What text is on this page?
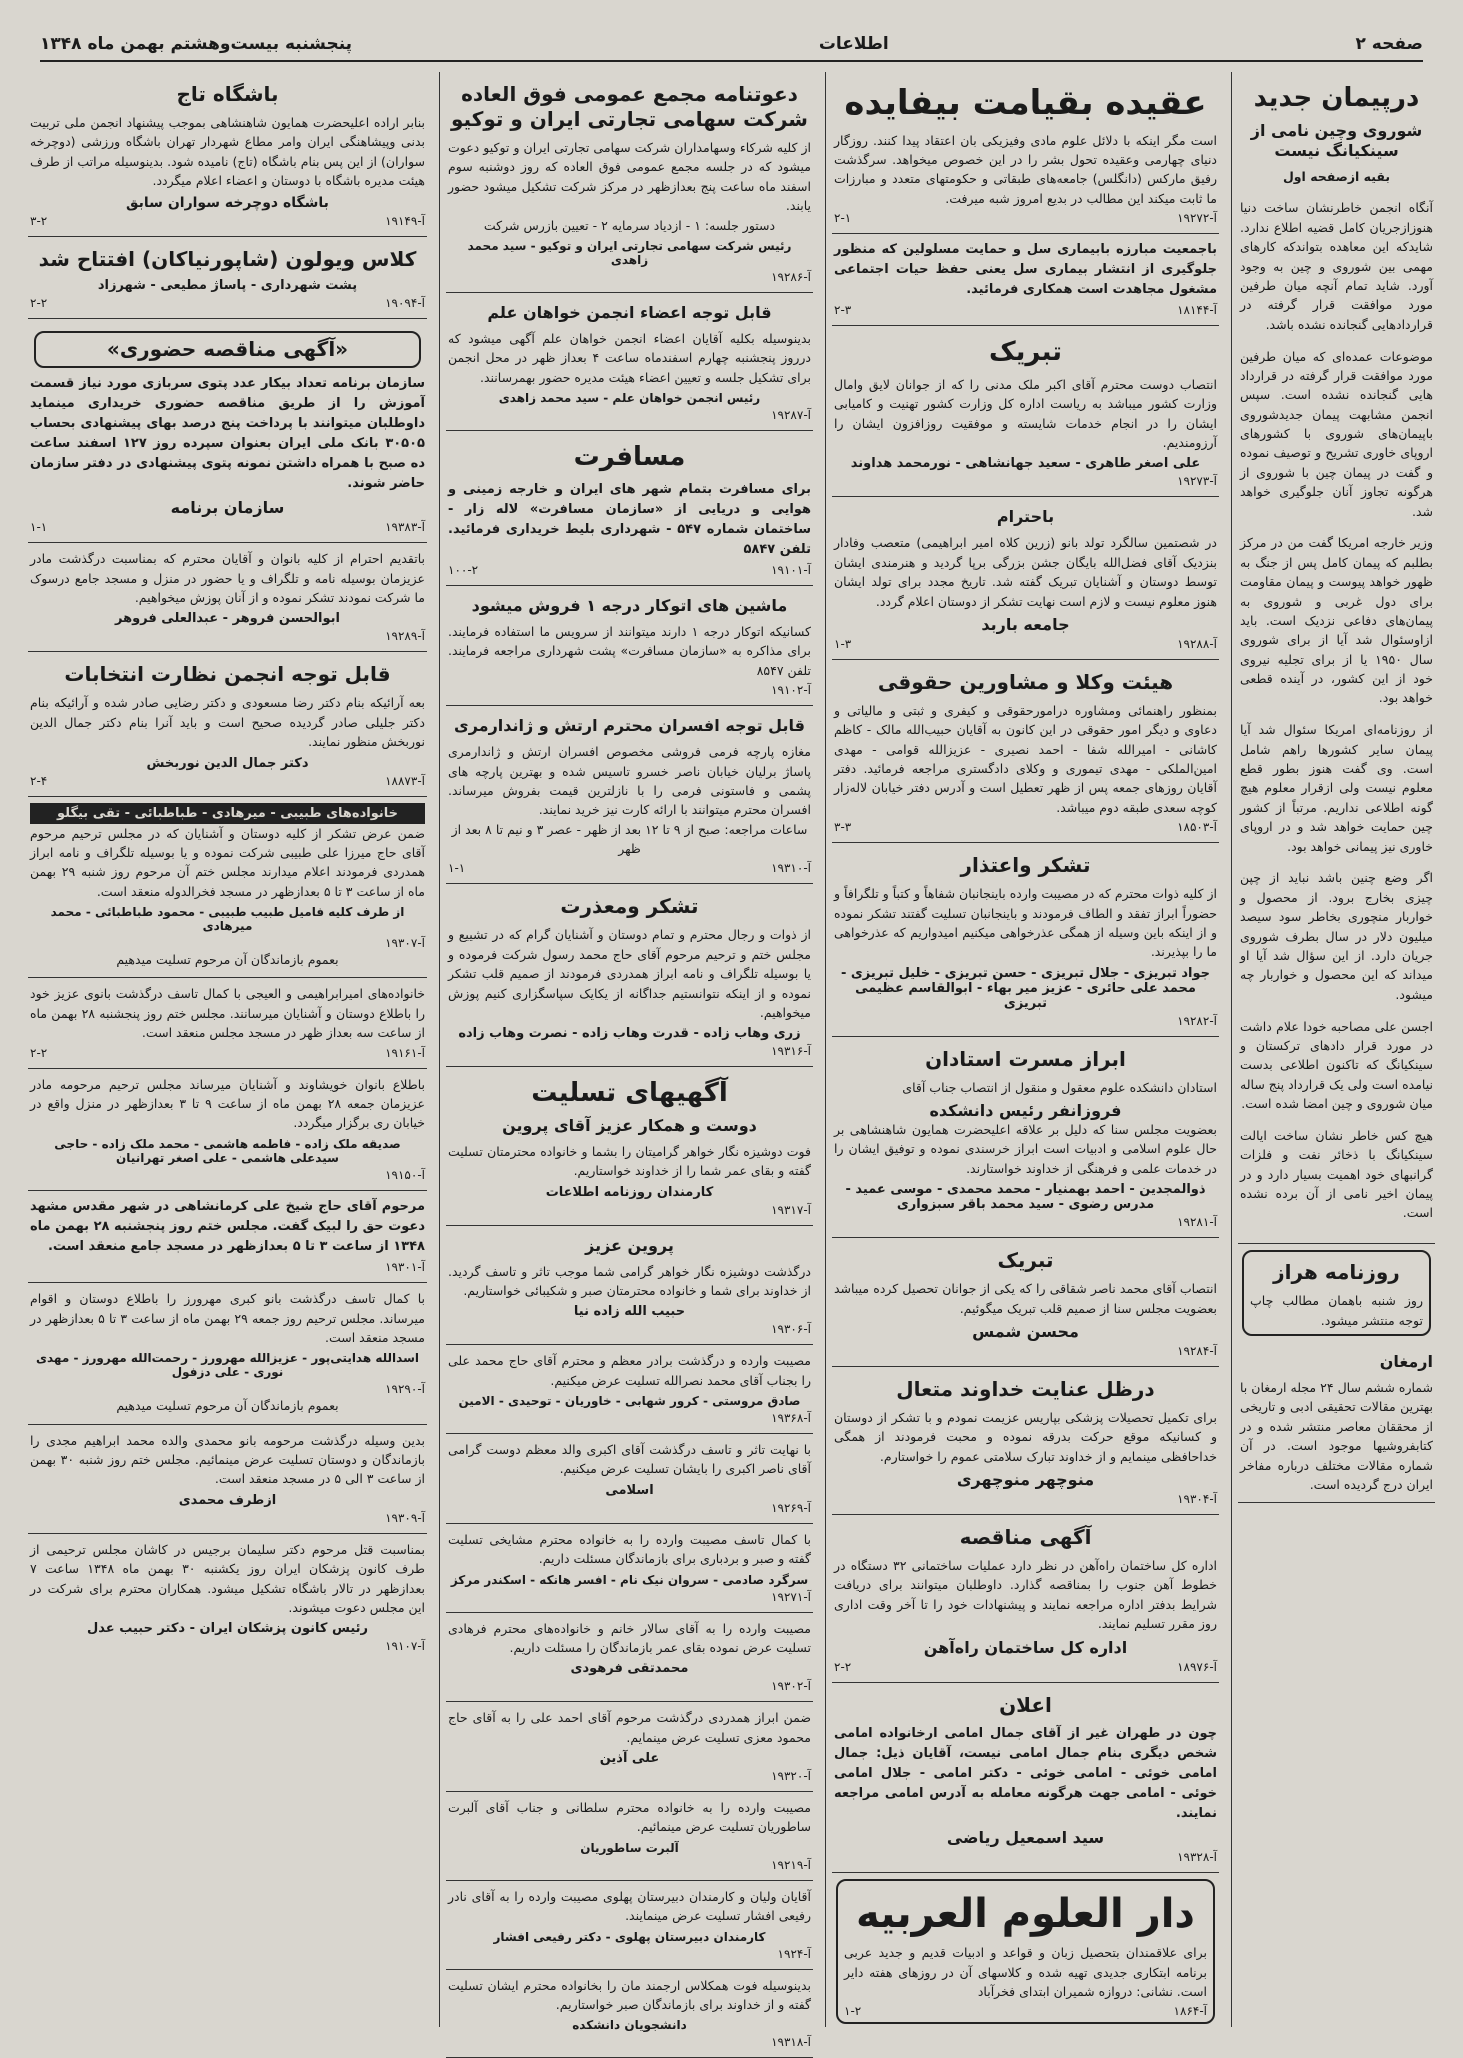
صفحه ۲
اطلاعات
پنجشنبه بیست‌وهشتم بهمن ماه ۱۳۴۸
درپیمان جدید
شوروی وچین نامی از سینکیانگ نیست
بقیه ازصفحه اول

آنگاه انجمن خاطرنشان ساخت دنیا هنوزازجریان کامل قضیه اطلاع ندارد. شایدکه این معاهده بتواندکه کارهای مهمی بین شوروی و چین به وجود آورد. شاید تمام آنچه میان طرفین مورد موافقت قرار گرفته در قراردادهایی گنجانده نشده باشد.

موضوعات عمده‌ای که میان طرفین مورد موافقت قرار گرفته در قرارداد هایی گنجانده نشده است. سپس انجمن مشابهت پیمان جدیدشوروی باپیمان‌های شوروی با کشورهای اروپای خاوری تشریح و توصیف نموده و گفت در پیمان چین با شوروی از هرگونه تجاوز آنان جلوگیری خواهد شد.

وزیر خارجه امریکا گفت من در مرکز بطلبم که پیمان کامل پس از جنگ به ظهور خواهد پیوست و پیمان مقاومت برای دول غربی و شوروی به پیمان‌های دفاعی نزدیک است. باید ازاوسئوال شد آیا از برای شوروی سال ۱۹۵۰ یا از برای تجلیه نیروی خود از این کشور، در آینده قطعی خواهد بود.

از روزنامه‌ای امریکا سئوال شد آیا پیمان سایر کشورها راهم شامل است. وی گفت هنوز بطور قطع معلوم نیست ولی ازقرار معلوم هیچ گونه اطلاعی نداریم. مرتباً از کشور چین حمایت خواهد شد و در اروپای خاوری نیز پیمانی خواهد بود.

اگر وضع چنین باشد نباید از چپن چیزی بخارج برود. از محصول و خواربار منچوری بخاطر سود سیصد میلیون دلار در سال بطرف شوروی جریان دارد. از این سؤال شد آیا او میداند که این محصول و خواربار چه میشود.

اجسن علی مصاحبه خودا علام داشت در مورد قرار دادهای ترکستان و سینکیانگ که تاکنون اطلاعی بدست نیامده است ولی یک قرارداد پنج ساله میان شوروی و چین امضا شده است.

هیچ کس خاطر نشان ساخت ایالت سینکیانگ با ذخائر نفت و فلزات گرانبهای خود اهمیت بسیار دارد و در پیمان اخیر نامی از آن برده نشده است.

روزنامه هراز
روز شنبه باهمان مطالب چاپ توجه منتشر میشود.
ارمغان
شماره ششم سال ۲۴ مجله ارمغان با بهترین مقالات تحقیقی ادبی و تاریخی از محققان معاصر منتشر شده و در کتابفروشیها موجود است. در آن شماره مقالات مختلف درباره مفاخر ایران درج گردیده است.
عقیده بقیامت بیفایده
است مگر اینکه با دلائل علوم مادی وفیزیکی بان اعتقاد پیدا کنند. روزگار دنیای چهارمی وعقیده تحول بشر را در این خصوص میخواهد. سرگذشت رفیق مارکس (دانگلس) جامعه‌های طبقاتی و حکومتهای متعدد و مبارزات ما ثابت میکند این مطالب در بدیع امروز شبه میرفت.
آ-۱۹۲۷۲
۲-۱
باجمعیت مبارزه بابیماری سل و حمایت مسلولین که منظور جلوگیری از انتشار بیماری سل یعنی حفظ حیات اجتماعی مشغول مجاهدت است همکاری فرمائید.
آ-۱۸۱۴۴
۲-۳
تبریک
انتصاب دوست محترم آقای اکبر ملک مدنی را که از جوانان لایق وامال وزارت کشور میباشد به ریاست اداره کل وزارت کشور تهنیت و کامیابی ایشان را در انجام خدمات شایسته و موفقیت روزافزون ایشان را آرزومندیم.
علی اصغر طاهری - سعید جهانشاهی - نورمحمد هداوند
آ-۱۹۲۷۳
باحترام
در شصتمین سالگرد تولد بانو (زرین کلاه امیر ابراهیمی) متعصب وفادار بنزدیک آقای فضل‌الله بایگان جشن بزرگی برپا گردید و هنرمندی ایشان توسط دوستان و آشنایان تبریک گفته شد. تاریخ مجدد برای تولد ایشان هنوز معلوم نیست و لازم است نهایت تشکر از دوستان اعلام گردد.
جامعه باربد
آ-۱۹۲۸۸
۱-۳
هیئت وکلا و مشاورین حقوقی
بمنظور راهنمائی ومشاوره درامورحقوقی و کیفری و ثبتی و مالیاتی و دعاوی و دیگر امور حقوقی در این کانون به آقایان حبیب‌الله مالک - کاظم کاشانی - امیرالله شفا - احمد نصیری - عزیزالله قوامی - مهدی امین‌الملکی - مهدی تیموری و وکلای دادگستری مراجعه فرمائید. دفتر آقایان روزهای جمعه پس از ظهر تعطیل است و آدرس دفتر خیابان لاله‌زار کوچه سعدی طبقه دوم میباشد.
آ-۱۸۵۰۳
۳-۳
تشکر واعتذار
از کلیه ذوات محترم که در مصیبت وارده باینجانبان شفاهاً و کتباً و تلگرافاً و حضوراً ابراز تفقد و الطاف فرمودند و باینجانبان تسلیت گفتند تشکر نموده و از اینکه باین وسیله از همگی عذرخواهی میکنیم امیدواریم که عذرخواهی ما را بپذیرند.
جواد تبریزی - جلال تبریزی - حسن تبریزی - خلیل تبریزی - محمد علی حائری - عزیز میر بهاء - ابوالقاسم عظیمی تبریزی
آ-۱۹۲۸۲
ابراز مسرت استادان
استادان دانشکده علوم معقول و منقول از انتصاب جناب آقای
فروزانفر رئیس دانشکده
بعضویت مجلس سنا که دلیل بر علاقه اعلیحضرت همایون شاهنشاهی بر حال علوم اسلامی و ادبیات است ابراز خرسندی نموده و توفیق ایشان را در خدمات علمی و فرهنگی از خداوند خواستارند.
ذوالمجدین - احمد بهمنیار - محمد محمدی - موسی عمید - مدرس رضوی - سید محمد باقر سبزواری
آ-۱۹۲۸۱
تبریک
انتصاب آقای محمد ناصر شقاقی را که یکی از جوانان تحصیل کرده میباشد بعضویت مجلس سنا از صمیم قلب تبریک میگوئیم.
محسن شمس
آ-۱۹۲۸۴
درظل عنایت خداوند متعال
برای تکمیل تحصیلات پزشکی بپاریس عزیمت نمودم و با تشکر از دوستان و کسانیکه موقع حرکت بدرقه نموده و محبت فرمودند از همگی خداحافظی مینمایم و از خداوند تبارک سلامتی عموم را خواستارم.
منوچهر منوچهری
آ-۱۹۳۰۴
آگهی مناقصه
اداره کل ساختمان راه‌آهن در نظر دارد عملیات ساختمانی ۳۲ دستگاه در خطوط آهن جنوب را بمناقصه گذارد. داوطلبان میتوانند برای دریافت شرایط بدفتر اداره مراجعه نمایند و پیشنهادات خود را تا آخر وقت اداری روز مقرر تسلیم نمایند.
اداره کل ساختمان راه‌آهن
آ-۱۸۹۷۶
۲-۲
اعلان
چون در طهران غیر از آقای جمال امامی ارخانواده امامی شخص دیگری بنام جمال امامی نیست، آقایان ذیل: جمال امامی خوئی - امامی خوئی - دکتر امامی - جلال امامی خوئی - امامی جهت هرگونه معامله به آدرس امامی مراجعه نمایند.
سید اسمعیل ریاضی
آ-۱۹۳۲۸
دار العلوم العربیه
برای علاقمندان بتحصیل زبان و قواعد و ادبیات قدیم و جدید عربی برنامه ابتکاری جدیدی تهیه شده و کلاسهای آن در روزهای هفته دایر است. نشانی: دروازه شمیران ابتدای فخرآباد
آ-۱۸۶۴
۱-۲
دعوتنامه مجمع عمومی فوق العاده شرکت سهامی تجارتی ایران و توکیو
از کلیه شرکاء وسهامداران شرکت سهامی تجارتی ایران و توکیو دعوت میشود که در جلسه مجمع عمومی فوق العاده که روز دوشنبه سوم اسفند ماه ساعت پنج بعدازظهر در مرکز شرکت تشکیل میشود حضور یابند.
دستور جلسه: ۱ - ازدیاد سرمایه ۲ - تعیین بازرس شرکت
رئیس شرکت سهامی تجارتی ایران و توکیو - سید محمد زاهدی
آ-۱۹۲۸۶
قابل توجه اعضاء انجمن خواهان علم
بدینوسیله بکلیه آقایان اعضاء انجمن خواهان علم آگهی میشود که درروز پنجشنبه چهارم اسفندماه ساعت ۴ بعداز ظهر در محل انجمن برای تشکیل جلسه و تعیین اعضاء هیئت مدیره حضور بهمرسانند.
رئیس انجمن خواهان علم - سید محمد زاهدی
آ-۱۹۲۸۷
مسافرت
برای مسافرت بتمام شهر های ایران و خارجه زمینی و هوایی و دریایی از «سازمان مسافرت» لاله زار - ساختمان شماره ۵۴۷ - شهرداری بلیط خریداری فرمائید. تلفن ۵۸۴۷
آ-۱۹۱۰۱
۱۰۰-۲
ماشین های اتوکار درجه ۱ فروش میشود
کسانیکه اتوکار درجه ۱ دارند میتوانند از سرویس ما استفاده فرمایند. برای مذاکره به «سازمان مسافرت» پشت شهرداری مراجعه فرمایند. تلفن ۸۵۴۷
آ-۱۹۱۰۲
قابل توجه افسران محترم ارتش و ژاندارمری
مغازه پارچه فرمی فروشی مخصوص افسران ارتش و ژاندارمری پاساژ برلیان خیابان ناصر خسرو تاسیس شده و بهترین پارچه های پشمی و فاستونی فرمی را با نازلترین قیمت بفروش میرساند. افسران محترم میتوانند با ارائه کارت نیز خرید نمایند.
ساعات مراجعه: صبح از ۹ تا ۱۲ بعد از ظهر - عصر ۳ و نیم تا ۸ بعد از ظهر
آ-۱۹۳۱۰
۱-۱
تشکر ومعذرت
از ذوات و رجال محترم و تمام دوستان و آشنایان گرام که در تشییع و مجلس ختم و ترحیم مرحوم آقای حاج محمد رسول شرکت فرموده و یا بوسیله تلگراف و نامه ابراز همدردی فرمودند از صمیم قلب تشکر نموده و از اینکه نتوانستیم جداگانه از یکایک سپاسگزاری کنیم پوزش میخواهیم.
زری وهاب زاده - قدرت وهاب زاده - نصرت وهاب زاده
آ-۱۹۳۱۶
آگهیهای تسلیت
دوست و همکار عزیز آقای پروین
فوت دوشیزه نگار خواهر گرامیتان را بشما و خانواده محترمتان تسلیت گفته و بقای عمر شما را از خداوند خواستاریم.
کارمندان روزنامه اطلاعات
آ-۱۹۳۱۷
پروین عزیز
درگذشت دوشیزه نگار خواهر گرامی شما موجب تاثر و تاسف گردید. از خداوند برای شما و خانواده محترمتان صبر و شکیبائی خواستاریم.
حبیب الله زاده نیا
آ-۱۹۳۰۶
مصیبت وارده و درگذشت برادر معظم و محترم آقای حاج محمد علی را بجناب آقای محمد نصرالله تسلیت عرض میکنیم.
صادق مروستی - کرور شهابی - خاوریان - توحیدی - الامین
آ-۱۹۳۶۸
با نهایت تاثر و تاسف درگذشت آقای اکبری والد معظم دوست گرامی آقای ناصر اکبری را بایشان تسلیت عرض میکنیم.
اسلامی
آ-۱۹۲۶۹
با کمال تاسف مصیبت وارده را به خانواده محترم مشایخی تسلیت گفته و صبر و بردباری برای بازماندگان مسئلت داریم.
سرگرد صادمی - سروان نیک نام - افسر هانکه - اسکندر مرکز
آ-۱۹۲۷۱
مصیبت وارده را به آقای سالار خانم و خانواده‌های محترم فرهادی تسلیت عرض نموده بقای عمر بازماندگان را مسئلت داریم.
محمدتقی فرهودی
آ-۱۹۳۰۲
ضمن ابراز همدردی درگذشت مرحوم آقای احمد علی را به آقای حاج محمود معزی تسلیت عرض مینمایم.
علی آذین
آ-۱۹۳۲۰
مصیبت وارده را به خانواده محترم سلطانی و جناب آقای آلبرت ساطوریان تسلیت عرض مینمائیم.
آلبرت ساطوریان
آ-۱۹۲۱۹
آقایان ولیان و کارمندان دبیرستان پهلوی مصیبت وارده را به آقای نادر رفیعی افشار تسلیت عرض مینمایند.
کارمندان دبیرستان پهلوی - دکتر رفیعی افشار
آ-۱۹۲۴
بدینوسیله فوت همکلاس ارجمند مان را بخانواده محترم ایشان تسلیت گفته و از خداوند برای بازماندگان صبر خواستاریم.
دانشجویان دانشکده
آ-۱۹۳۱۸
باشگاه تاج
بنابر اراده اعلیحضرت همایون شاهنشاهی بموجب پیشنهاد انجمن ملی تربیت بدنی وپیشاهنگی ایران وامر مطاع شهردار تهران باشگاه ورزشی (دوچرخه سواران) از این پس بنام باشگاه (تاج) نامیده شود. بدینوسیله مراتب از طرف هیئت مدیره باشگاه با دوستان و اعضاء اعلام میگردد.
باشگاه دوچرخه سواران سابق
آ-۱۹۱۴۹
۳-۲
کلاس ویولون (شاپورنیاکان) افتتاح شد
پشت شهرداری - پاساژ مطیعی - شهرزاد
آ-۱۹۰۹۴
۲-۲
«آگهی مناقصه حضوری»
سازمان برنامه تعداد بیکار عدد پتوی سربازی مورد نیاز قسمت آموزش را از طریق مناقصه حضوری خریداری مینماید داوطلبان میتوانند با پرداخت پنج درصد بهای پیشنهادی بحساب ۳۰۵۰۵ بانک ملی ایران بعنوان سپرده روز ۱۲۷ اسفند ساعت ده صبح با همراه داشتن نمونه پتوی پیشنهادی در دفتر سازمان حاضر شوند.
سازمان برنامه
آ-۱۹۳۸۳
۱-۱
باتقدیم احترام از کلیه بانوان و آقایان محترم که بمناسبت درگذشت مادر عزیزمان بوسیله نامه و تلگراف و یا حضور در منزل و مسجد جامع درسوک ما شرکت نمودند تشکر نموده و از آنان پوزش میخواهیم.
ابوالحسن فروهر - عبدالعلی فروهر
آ-۱۹۲۸۹
قابل توجه انجمن نظارت انتخابات
بعه آرائیکه بنام دکتر رضا مسعودی و دکتر رضایی صادر شده و آرائیکه بنام دکتر جلیلی صادر گردیده صحیح است و باید آنرا بنام دکتر جمال الدین نوربخش منظور نمایند.
دکتر جمال الدین نوربخش
آ-۱۸۸۷۳
۲-۴
خانواده‌های طبیبی - میرهادی - طباطبائی - تقی بیگلو
ضمن عرض تشکر از کلیه دوستان و آشنایان که در مجلس ترحیم مرحوم آقای حاج میرزا علی طبیبی شرکت نموده و یا بوسیله تلگراف و نامه ابراز همدردی فرمودند اعلام میدارند مجلس ختم آن مرحوم روز شنبه ۲۹ بهمن ماه از ساعت ۳ تا ۵ بعدازظهر در مسجد فخرالدوله منعقد است.
از طرف کلیه فامیل طبیب طبیبی - محمود طباطبائی - محمد میرهادی
آ-۱۹۳۰۷
بعموم بازماندگان آن مرحوم تسلیت میدهیم
خانواده‌های امیرابراهیمی و العیجی با کمال تاسف درگذشت بانوی عزیز خود را باطلاع دوستان و آشنایان میرسانند. مجلس ختم روز پنجشنبه ۲۸ بهمن ماه از ساعت سه بعداز ظهر در مسجد مجلس منعقد است.
آ-۱۹۱۶۱
۲-۲
باطلاع بانوان خویشاوند و آشنایان میرساند مجلس ترحیم مرحومه مادر عزیزمان جمعه ۲۸ بهمن ماه از ساعت ۹ تا ۳ بعدازظهر در منزل واقع در خیابان ری برگزار میگردد.
صدیقه ملک زاده - فاطمه هاشمی - محمد ملک زاده - حاجی سیدعلی هاشمی - علی اصغر تهرانیان
آ-۱۹۱۵۰
مرحوم آقای حاج شیخ علی کرمانشاهی در شهر مقدس مشهد دعوت حق را لبیک گفت. مجلس ختم روز پنجشنبه ۲۸ بهمن ماه ۱۳۴۸ از ساعت ۳ تا ۵ بعدازظهر در مسجد جامع منعقد است.
آ-۱۹۳۰۱
با کمال تاسف درگذشت بانو کبری مهرورز را باطلاع دوستان و اقوام میرساند. مجلس ترحیم روز جمعه ۲۹ بهمن ماه از ساعت ۳ تا ۵ بعدازظهر در مسجد منعقد است.
اسدالله هدایتی‌پور - عزیزالله مهرورز - رحمت‌الله مهرورز - مهدی نوری - علی دزفول
آ-۱۹۲۹۰
بعموم بازماندگان آن مرحوم تسلیت میدهیم
بدین وسیله درگذشت مرحومه بانو محمدی والده محمد ابراهیم مجدی را بازماندگان و دوستان تسلیت عرض مینمائیم. مجلس ختم روز شنبه ۳۰ بهمن از ساعت ۳ الی ۵ در مسجد منعقد است.
ازطرف محمدی
آ-۱۹۳۰۹
بمناسبت قتل مرحوم دکتر سلیمان برجیس در کاشان مجلس ترحیمی از طرف کانون پزشکان ایران روز یکشنبه ۳۰ بهمن ماه ۱۳۴۸ ساعت ۷ بعدازظهر در تالار باشگاه تشکیل میشود. همکاران محترم برای شرکت در این مجلس دعوت میشوند.
رئیس کانون پزشکان ایران - دکتر حبیب عدل
آ-۱۹۱۰۷
